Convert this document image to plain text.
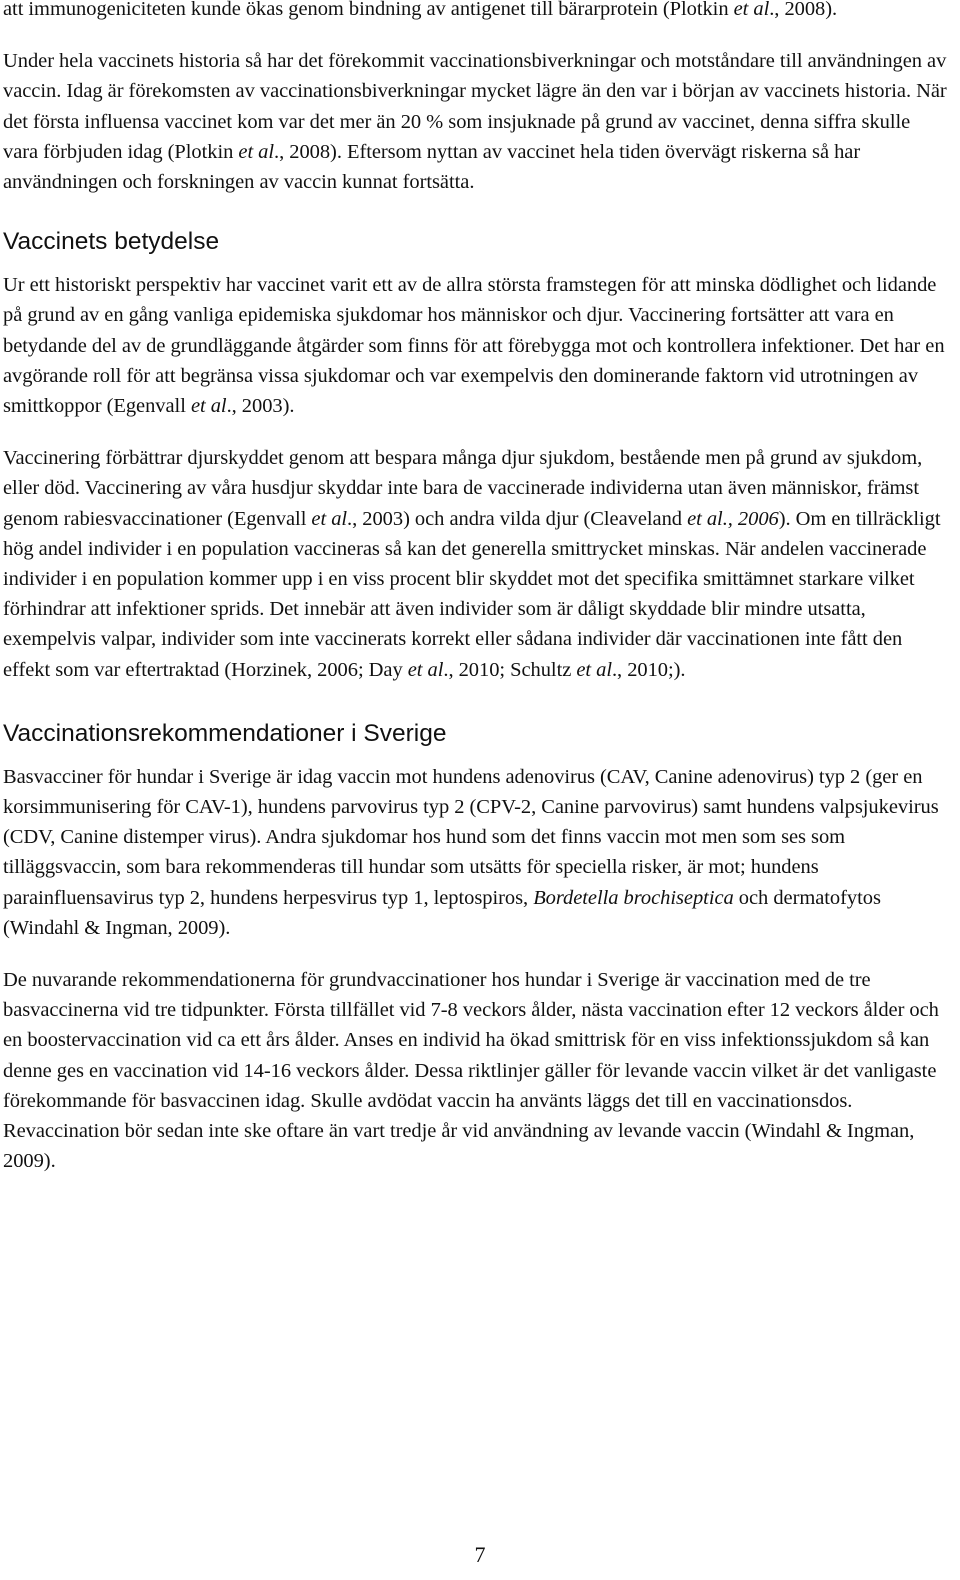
att immunogeniciteten kunde ökas genom bindning av antigenet till bärarprotein (Plotkin et al., 2008).

Under hela vaccinets historia så har det förekommit vaccinationsbiverkningar och motståndare till användningen av vaccin. Idag är förekomsten av vaccinationsbiverkningar mycket lägre än den var i början av vaccinets historia. När det första influensa vaccinet kom var det mer än 20 % som insjuknade på grund av vaccinet, denna siffra skulle vara förbjuden idag (Plotkin et al., 2008). Eftersom nyttan av vaccinet hela tiden övervägt riskerna så har användningen och forskningen av vaccin kunnat fortsätta.

Vaccinets betydelse

Ur ett historiskt perspektiv har vaccinet varit ett av de allra största framstegen för att minska dödlighet och lidande på grund av en gång vanliga epidemiska sjukdomar hos människor och djur. Vaccinering fortsätter att vara en betydande del av de grundläggande åtgärder som finns för att förebygga mot och kontrollera infektioner. Det har en avgörande roll för att begränsa vissa sjukdomar och var exempelvis den dominerande faktorn vid utrotningen av smittkoppor (Egenvall et al., 2003).

Vaccinering förbättrar djurskyddet genom att bespara många djur sjukdom, bestående men på grund av sjukdom, eller död. Vaccinering av våra husdjur skyddar inte bara de vaccinerade individerna utan även människor, främst genom rabiesvaccinationer (Egenvall et al., 2003) och andra vilda djur (Cleaveland et al., 2006). Om en tillräckligt hög andel individer i en population vaccineras så kan det generella smittrycket minskas. När andelen vaccinerade individer i en population kommer upp i en viss procent blir skyddet mot det specifika smittämnet starkare vilket förhindrar att infektioner sprids. Det innebär att även individer som är dåligt skyddade blir mindre utsatta, exempelvis valpar, individer som inte vaccinerats korrekt eller sådana individer där vaccinationen inte fått den effekt som var eftertraktad (Horzinek, 2006; Day et al., 2010; Schultz et al., 2010;).

Vaccinationsrekommendationer i Sverige

Basvacciner för hundar i Sverige är idag vaccin mot hundens adenovirus (CAV, Canine adenovirus) typ 2 (ger en korsimmunisering för CAV-1), hundens parvovirus typ 2 (CPV-2, Canine parvovirus) samt hundens valpsjukevirus (CDV, Canine distemper virus). Andra sjukdomar hos hund som det finns vaccin mot men som ses som tilläggsvaccin, som bara rekommenderas till hundar som utsätts för speciella risker, är mot; hundens parainfluensavirus typ 2, hundens herpesvirus typ 1, leptospiros, Bordetella brochiseptica och dermatofytos (Windahl & Ingman, 2009).

De nuvarande rekommendationerna för grundvaccinationer hos hundar i Sverige är vaccination med de tre basvaccinerna vid tre tidpunkter. Första tillfället vid 7-8 veckors ålder, nästa vaccination efter 12 veckors ålder och en boostervaccination vid ca ett års ålder. Anses en individ ha ökad smittrisk för en viss infektionssjukdom så kan denne ges en vaccination vid 14-16 veckors ålder. Dessa riktlinjer gäller för levande vaccin vilket är det vanligaste förekommande för basvaccinen idag. Skulle avdödat vaccin ha använts läggs det till en vaccinationsdos. Revaccination bör sedan inte ske oftare än vart tredje år vid användning av levande vaccin (Windahl & Ingman, 2009).

7
